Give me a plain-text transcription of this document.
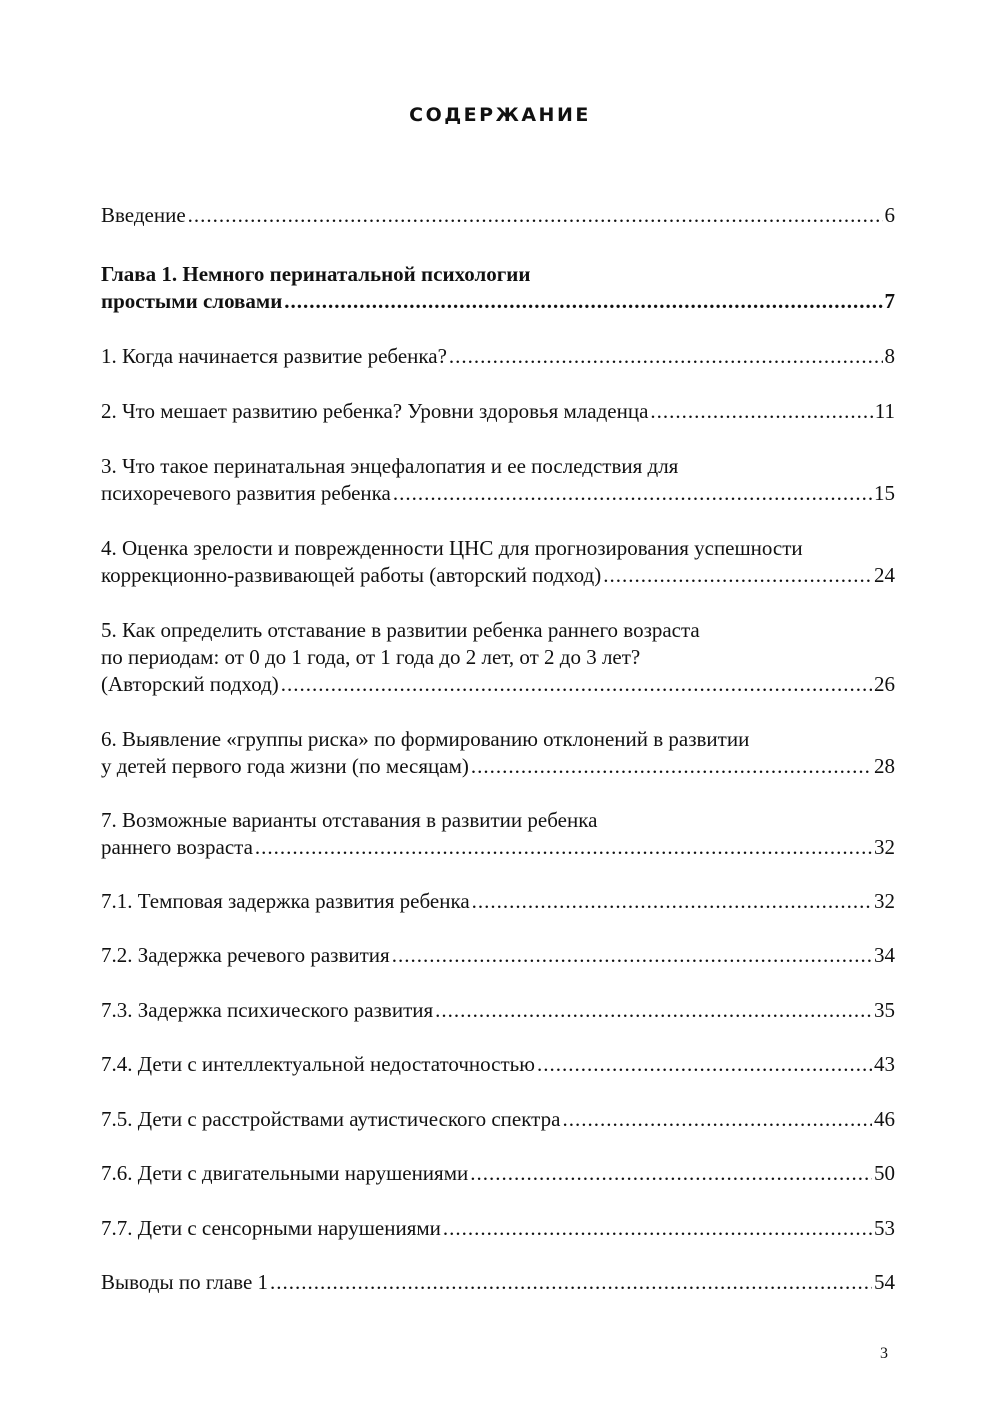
СОДЕРЖАНИЕ
Введение .....	6
Глава 1. Немного перинатальной психологии
простыми словами .....	7
1. Когда начинается развитие ребенка? .....	8
2. Что мешает развитию ребенка? Уровни здоровья младенца .....	11
3. Что такое перинатальная энцефалопатия и ее последствия для
психоречевого развития ребенка .....	15
4. Оценка зрелости и поврежденности ЦНС для прогнозирования успешности
коррекционно-развивающей работы (авторский подход) .....	24
5. Как определить отставание в развитии ребенка раннего возраста
по периодам: от 0 до 1 года, от 1 года до 2 лет, от 2 до 3 лет?
(Авторский подход) .....	26
6. Выявление «группы риска» по формированию отклонений в развитии
у детей первого года жизни (по месяцам) .....	28
7. Возможные варианты отставания в развитии ребенка
раннего возраста .....	32
7.1. Темповая задержка развития ребенка .....	32
7.2. Задержка речевого развития .....	34
7.3. Задержка психического развития .....	35
7.4. Дети с интеллектуальной недостаточностью .....	43
7.5. Дети с расстройствами аутистического спектра .....	46
7.6. Дети с двигательными нарушениями .....	50
7.7. Дети с сенсорными нарушениями .....	53
Выводы по главе 1 .....	54
3
